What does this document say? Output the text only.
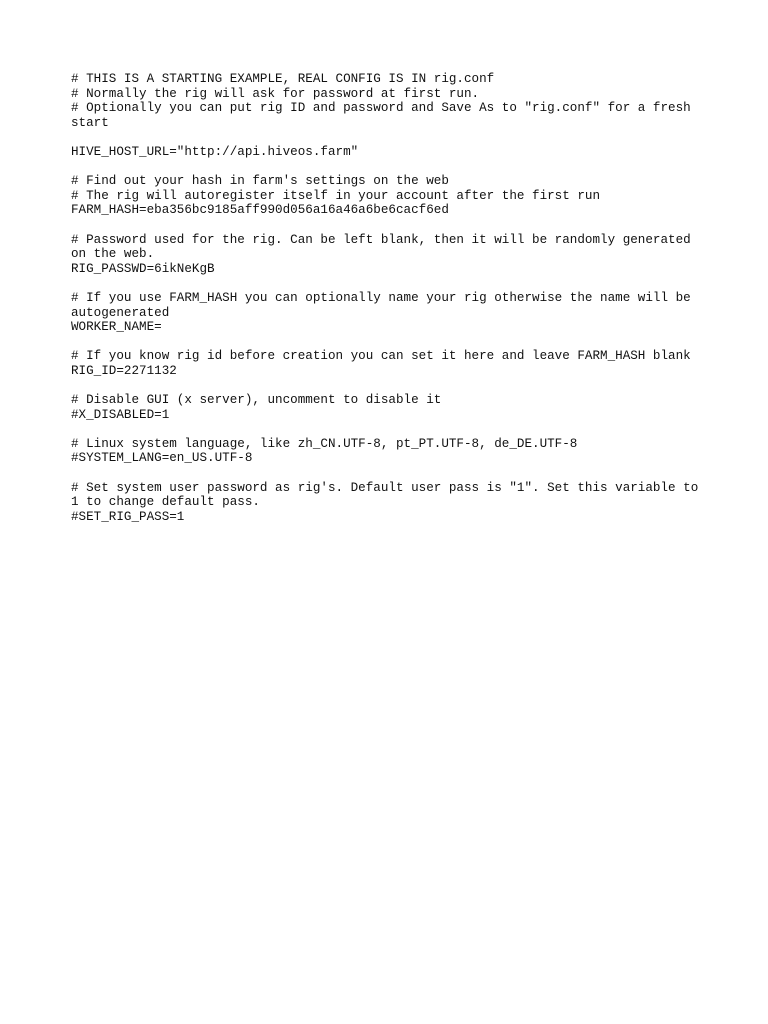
# THIS IS A STARTING EXAMPLE, REAL CONFIG IS IN rig.conf
# Normally the rig will ask for password at first run.
# Optionally you can put rig ID and password and Save As to "rig.conf" for a fresh start
HIVE_HOST_URL="http://api.hiveos.farm"
# Find out your hash in farm's settings on the web
# The rig will autoregister itself in your account after the first run
FARM_HASH=eba356bc9185aff990d056a16a46a6be6cacf6ed
# Password used for the rig. Can be left blank, then it will be randomly generated on the web.
RIG_PASSWD=6ikNeKgB
# If you use FARM_HASH you can optionally name your rig otherwise the name will be autogenerated
WORKER_NAME=
# If you know rig id before creation you can set it here and leave FARM_HASH blank
RIG_ID=2271132
# Disable GUI (x server), uncomment to disable it
#X_DISABLED=1
# Linux system language, like zh_CN.UTF-8, pt_PT.UTF-8, de_DE.UTF-8
#SYSTEM_LANG=en_US.UTF-8
# Set system user password as rig's. Default user pass is "1". Set this variable to 1 to change default pass.
#SET_RIG_PASS=1
